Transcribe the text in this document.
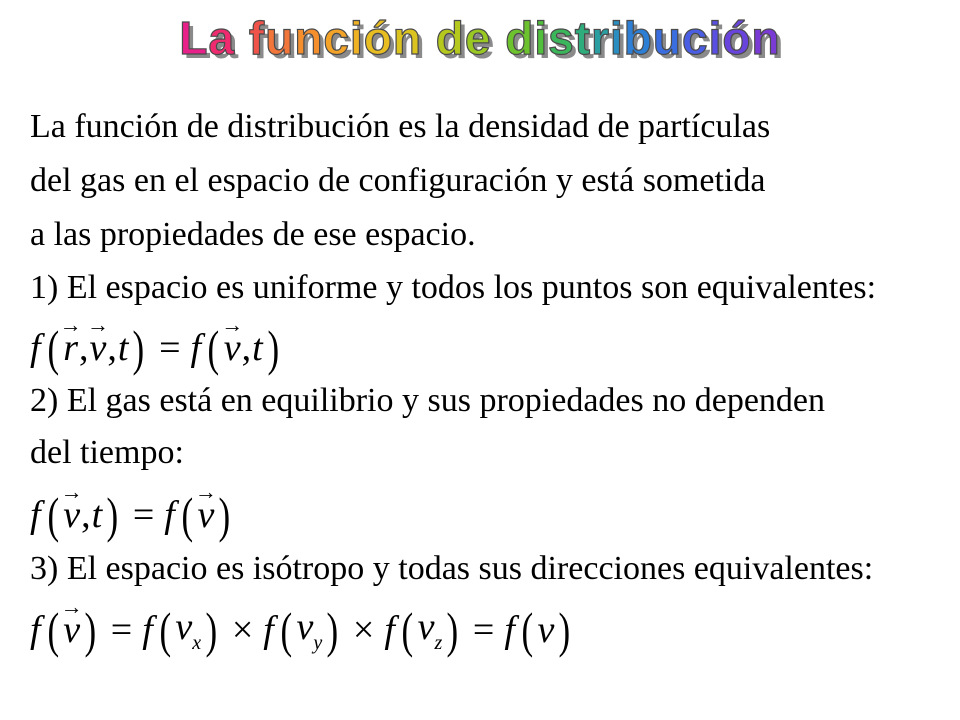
La función de distribución
La función de distribución es la densidad de partículas
del gas en el espacio de configuración y está sometida
a las propiedades de ese espacio.
1) El espacio es uniforme y todos los puntos son equivalentes:
f ( → r , → v , t ) = f ( → v , t )
2) El gas está en equilibrio y sus propiedades no dependen
del tiempo:
f ( → v , t ) = f ( → v )
3) El espacio es isótropo y todas sus direcciones equivalentes:
f ( → v ) = f ( $v_x$ ) × f ( $v_y$ ) × f ( $v_z$ ) = f ( v )
